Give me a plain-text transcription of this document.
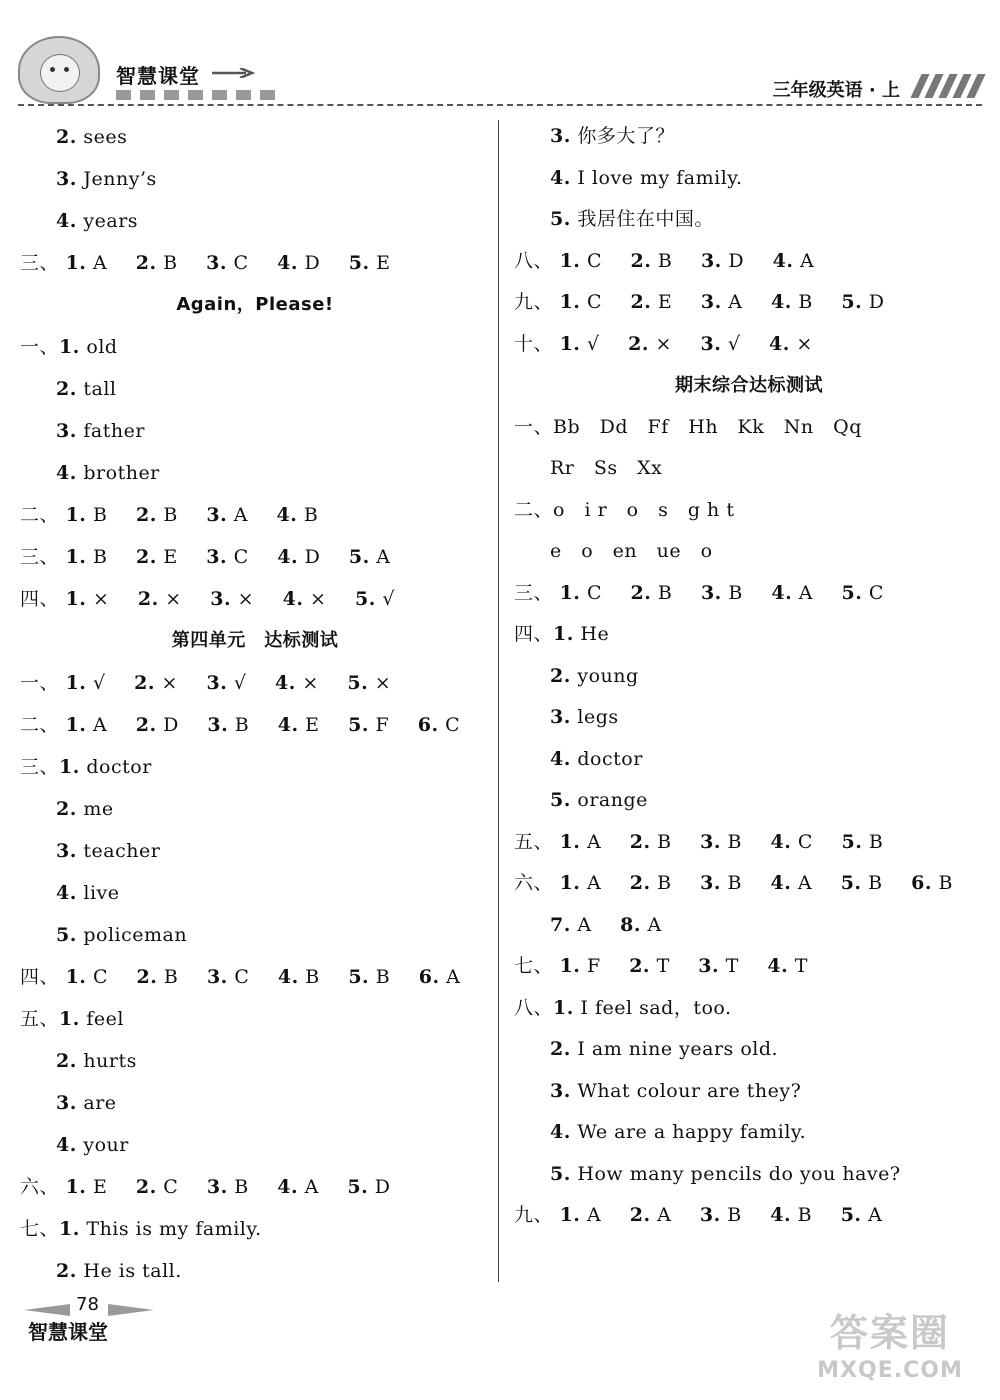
智慧课堂
三年级英语 · 上
2. sees
3. Jenny’s
4. years
三、 1. A 2. B 3. C 4. D 5. E
Again，Please!
一、1. old
2. tall
3. father
4. brother
二、 1. B 2. B 3. A 4. B
三、 1. B 2. E 3. C 4. D 5. A
四、 1. × 2. × 3. × 4. × 5. √
第四单元　达标测试
一、 1. √ 2. × 3. √ 4. × 5. ×
二、 1. A 2. D 3. B 4. E 5. F 6. C
三、1. doctor
2. me
3. teacher
4. live
5. policeman
四、 1. C 2. B 3. C 4. B 5. B 6. A
五、1. feel
2. hurts
3. are
4. your
六、 1. E 2. C 3. B 4. A 5. D
七、1. This is my family.
2. He is tall.
3. 你多大了？
4. I love my family.
5. 我居住在中国。
八、 1. C 2. B 3. D 4. A
九、 1. C 2. E 3. A 4. B 5. D
十、 1. √ 2. × 3. √ 4. ×
期末综合达标测试
一、Bb　Dd　Ff　Hh　Kk　Nn　Qq
Rr　Ss　Xx
二、o　i r　o　s　g h t
e　o　en　ue　o
三、 1. C 2. B 3. B 4. A 5. C
四、1. He
2. young
3. legs
4. doctor
5. orange
五、 1. A 2. B 3. B 4. C 5. B
六、 1. A 2. B 3. B 4. A 5. B 6. B
7. A 8. A
七、 1. F 2. T 3. T 4. T
八、1. I feel sad，too.
2. I am nine years old.
3. What colour are they?
4. We are a happy family.
5. How many pencils do you have?
九、 1. A 2. A 3. B 4. B 5. A
78
智慧课堂	答案圈
MXQE.COM
